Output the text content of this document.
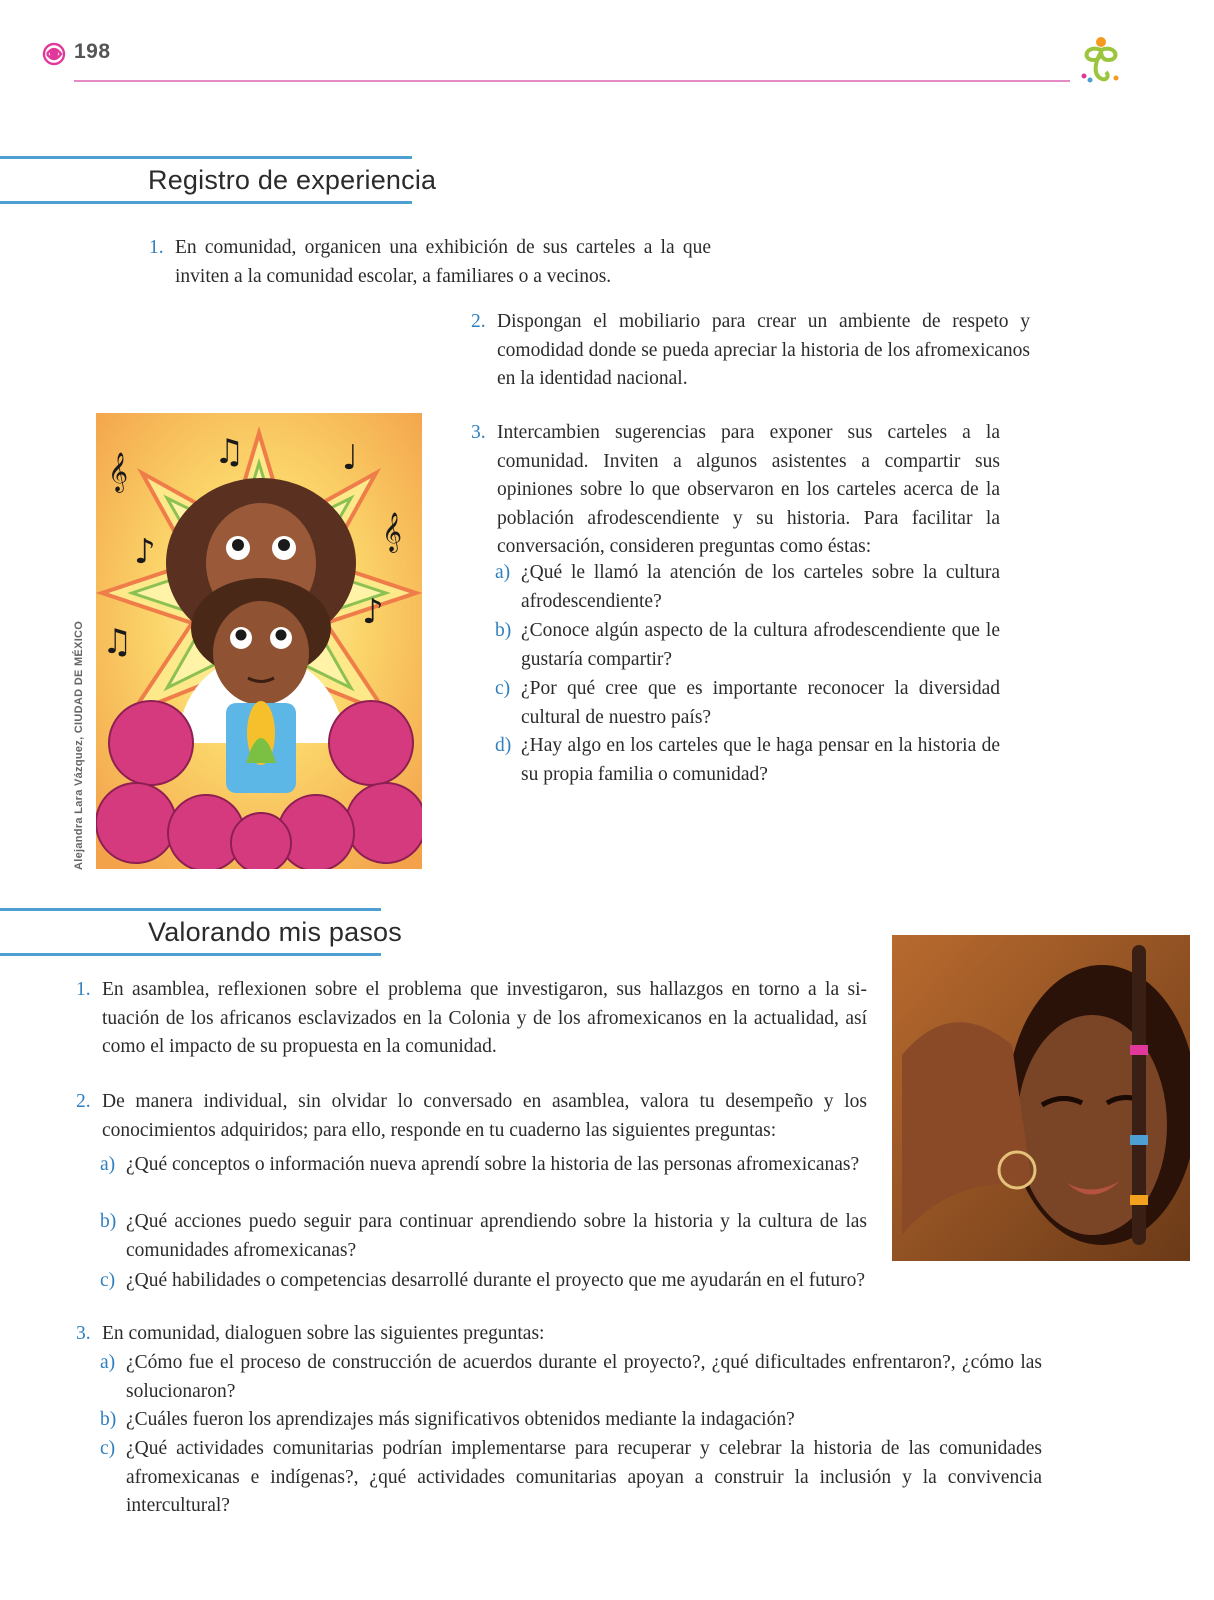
198
Registro de experiencia
1. En comunidad, organicen una exhibición de sus carteles a la que inviten a la comunidad escolar, a familiares o a vecinos.
2. Dispongan el mobiliario para crear un ambiente de respeto y comodidad donde se pueda apreciar la historia de los afromexicanos en la identidad nacional.
3. Intercambien sugerencias para exponer sus carteles a la comunidad. Inviten a algunos asistentes a compartir sus opiniones sobre lo que observaron en los carteles acerca de la población afrodescendiente y su historia. Para facilitar la conversación, consideren preguntas como éstas:
a) ¿Qué le llamó la atención de los carteles sobre la cultura afrodescendiente?
b) ¿Conoce algún aspecto de la cultura afrodescendiente que le gustaría compartir?
c) ¿Por qué cree que es importante reconocer la diversidad cultural de nuestro país?
d) ¿Hay algo en los carteles que le haga pensar en la historia de su propia familia o comunidad?
♫	♩
𝄞
𝄞
♪
♪
♫
Alejandra Lara Vázquez, CIUDAD DE MÉXICO
Valorando mis pasos
1. En asamblea, reflexionen sobre el problema que investigaron, sus hallazgos en torno a la situación de los africanos esclavizados en la Colonia y de los afromexicanos en la actualidad, así como el impacto de su propuesta en la comunidad.
2. De manera individual, sin olvidar lo conversado en asamblea, valora tu desempeño y los conocimientos adquiridos; para ello, responde en tu cuaderno las siguientes preguntas:
a) ¿Qué conceptos o información nueva aprendí sobre la historia de las personas afromexicanas?
b) ¿Qué acciones puedo seguir para continuar aprendiendo sobre la historia y la cultura de las comunidades afromexicanas?
c) ¿Qué habilidades o competencias desarrollé durante el proyecto que me ayudarán en el futuro?
3. En comunidad, dialoguen sobre las siguientes preguntas:
a) ¿Cómo fue el proceso de construcción de acuerdos durante el proyecto?, ¿qué dificultades enfrentaron?, ¿cómo las solucionaron?
b) ¿Cuáles fueron los aprendizajes más significativos obtenidos mediante la indagación?
c) ¿Qué actividades comunitarias podrían implementarse para recuperar y celebrar la historia de las comunidades afromexicanas e indígenas?, ¿qué actividades comunitarias apoyan a construir la inclusión y la convivencia intercultural?
